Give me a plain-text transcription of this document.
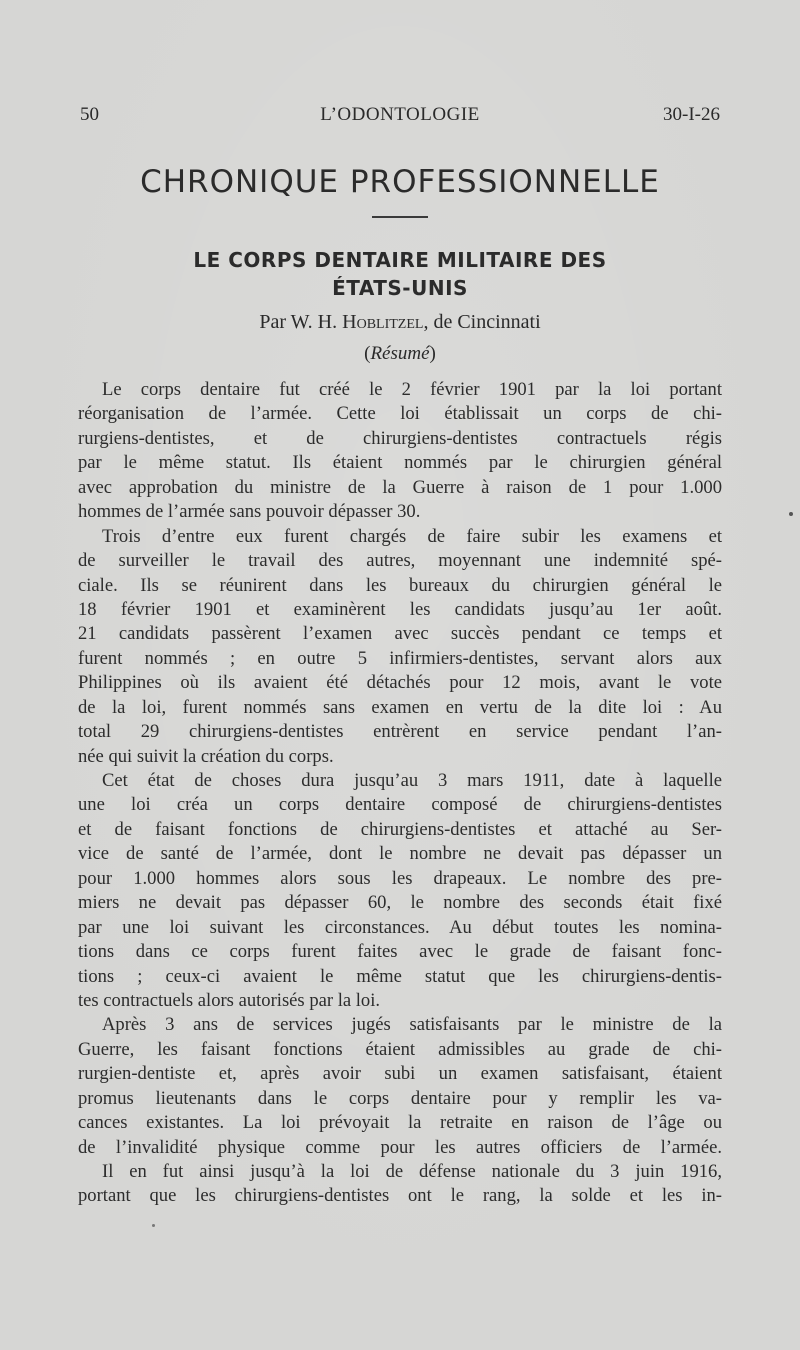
50	L’ODONTOLOGIE	30-I-26
CHRONIQUE PROFESSIONNELLE
LE CORPS DENTAIRE MILITAIRE DES
ÉTATS-UNIS
Par W. H. Hoblitzel, de Cincinnati
(Résumé)
Le corps dentaire fut créé le 2 février 1901 par la loi portant
réorganisation de l’armée. Cette loi établissait un corps de chi-
rurgiens-dentistes, et de chirurgiens-dentistes contractuels régis
par le même statut. Ils étaient nommés par le chirurgien général
avec approbation du ministre de la Guerre à raison de 1 pour 1.000
hommes de l’armée sans pouvoir dépasser 30.
Trois d’entre eux furent chargés de faire subir les examens et
de surveiller le travail des autres, moyennant une indemnité spé-
ciale. Ils se réunirent dans les bureaux du chirurgien général le
18 février 1901 et examinèrent les candidats jusqu’au 1er août.
21 candidats passèrent l’examen avec succès pendant ce temps et
furent nommés ; en outre 5 infirmiers-dentistes, servant alors aux
Philippines où ils avaient été détachés pour 12 mois, avant le vote
de la loi, furent nommés sans examen en vertu de la dite loi : Au
total 29 chirurgiens-dentistes entrèrent en service pendant l’an-
née qui suivit la création du corps.
Cet état de choses dura jusqu’au 3 mars 1911, date à laquelle
une loi créa un corps dentaire composé de chirurgiens-dentistes
et de faisant fonctions de chirurgiens-dentistes et attaché au Ser-
vice de santé de l’armée, dont le nombre ne devait pas dépasser un
pour 1.000 hommes alors sous les drapeaux. Le nombre des pre-
miers ne devait pas dépasser 60, le nombre des seconds était fixé
par une loi suivant les circonstances. Au début toutes les nomina-
tions dans ce corps furent faites avec le grade de faisant fonc-
tions ; ceux-ci avaient le même statut que les chirurgiens-dentis-
tes contractuels alors autorisés par la loi.
Après 3 ans de services jugés satisfaisants par le ministre de la
Guerre, les faisant fonctions étaient admissibles au grade de chi-
rurgien-dentiste et, après avoir subi un examen satisfaisant, étaient
promus lieutenants dans le corps dentaire pour y remplir les va-
cances existantes. La loi prévoyait la retraite en raison de l’âge ou
de l’invalidité physique comme pour les autres officiers de l’armée.
Il en fut ainsi jusqu’à la loi de défense nationale du 3 juin 1916,
portant que les chirurgiens-dentistes ont le rang, la solde et les in-
